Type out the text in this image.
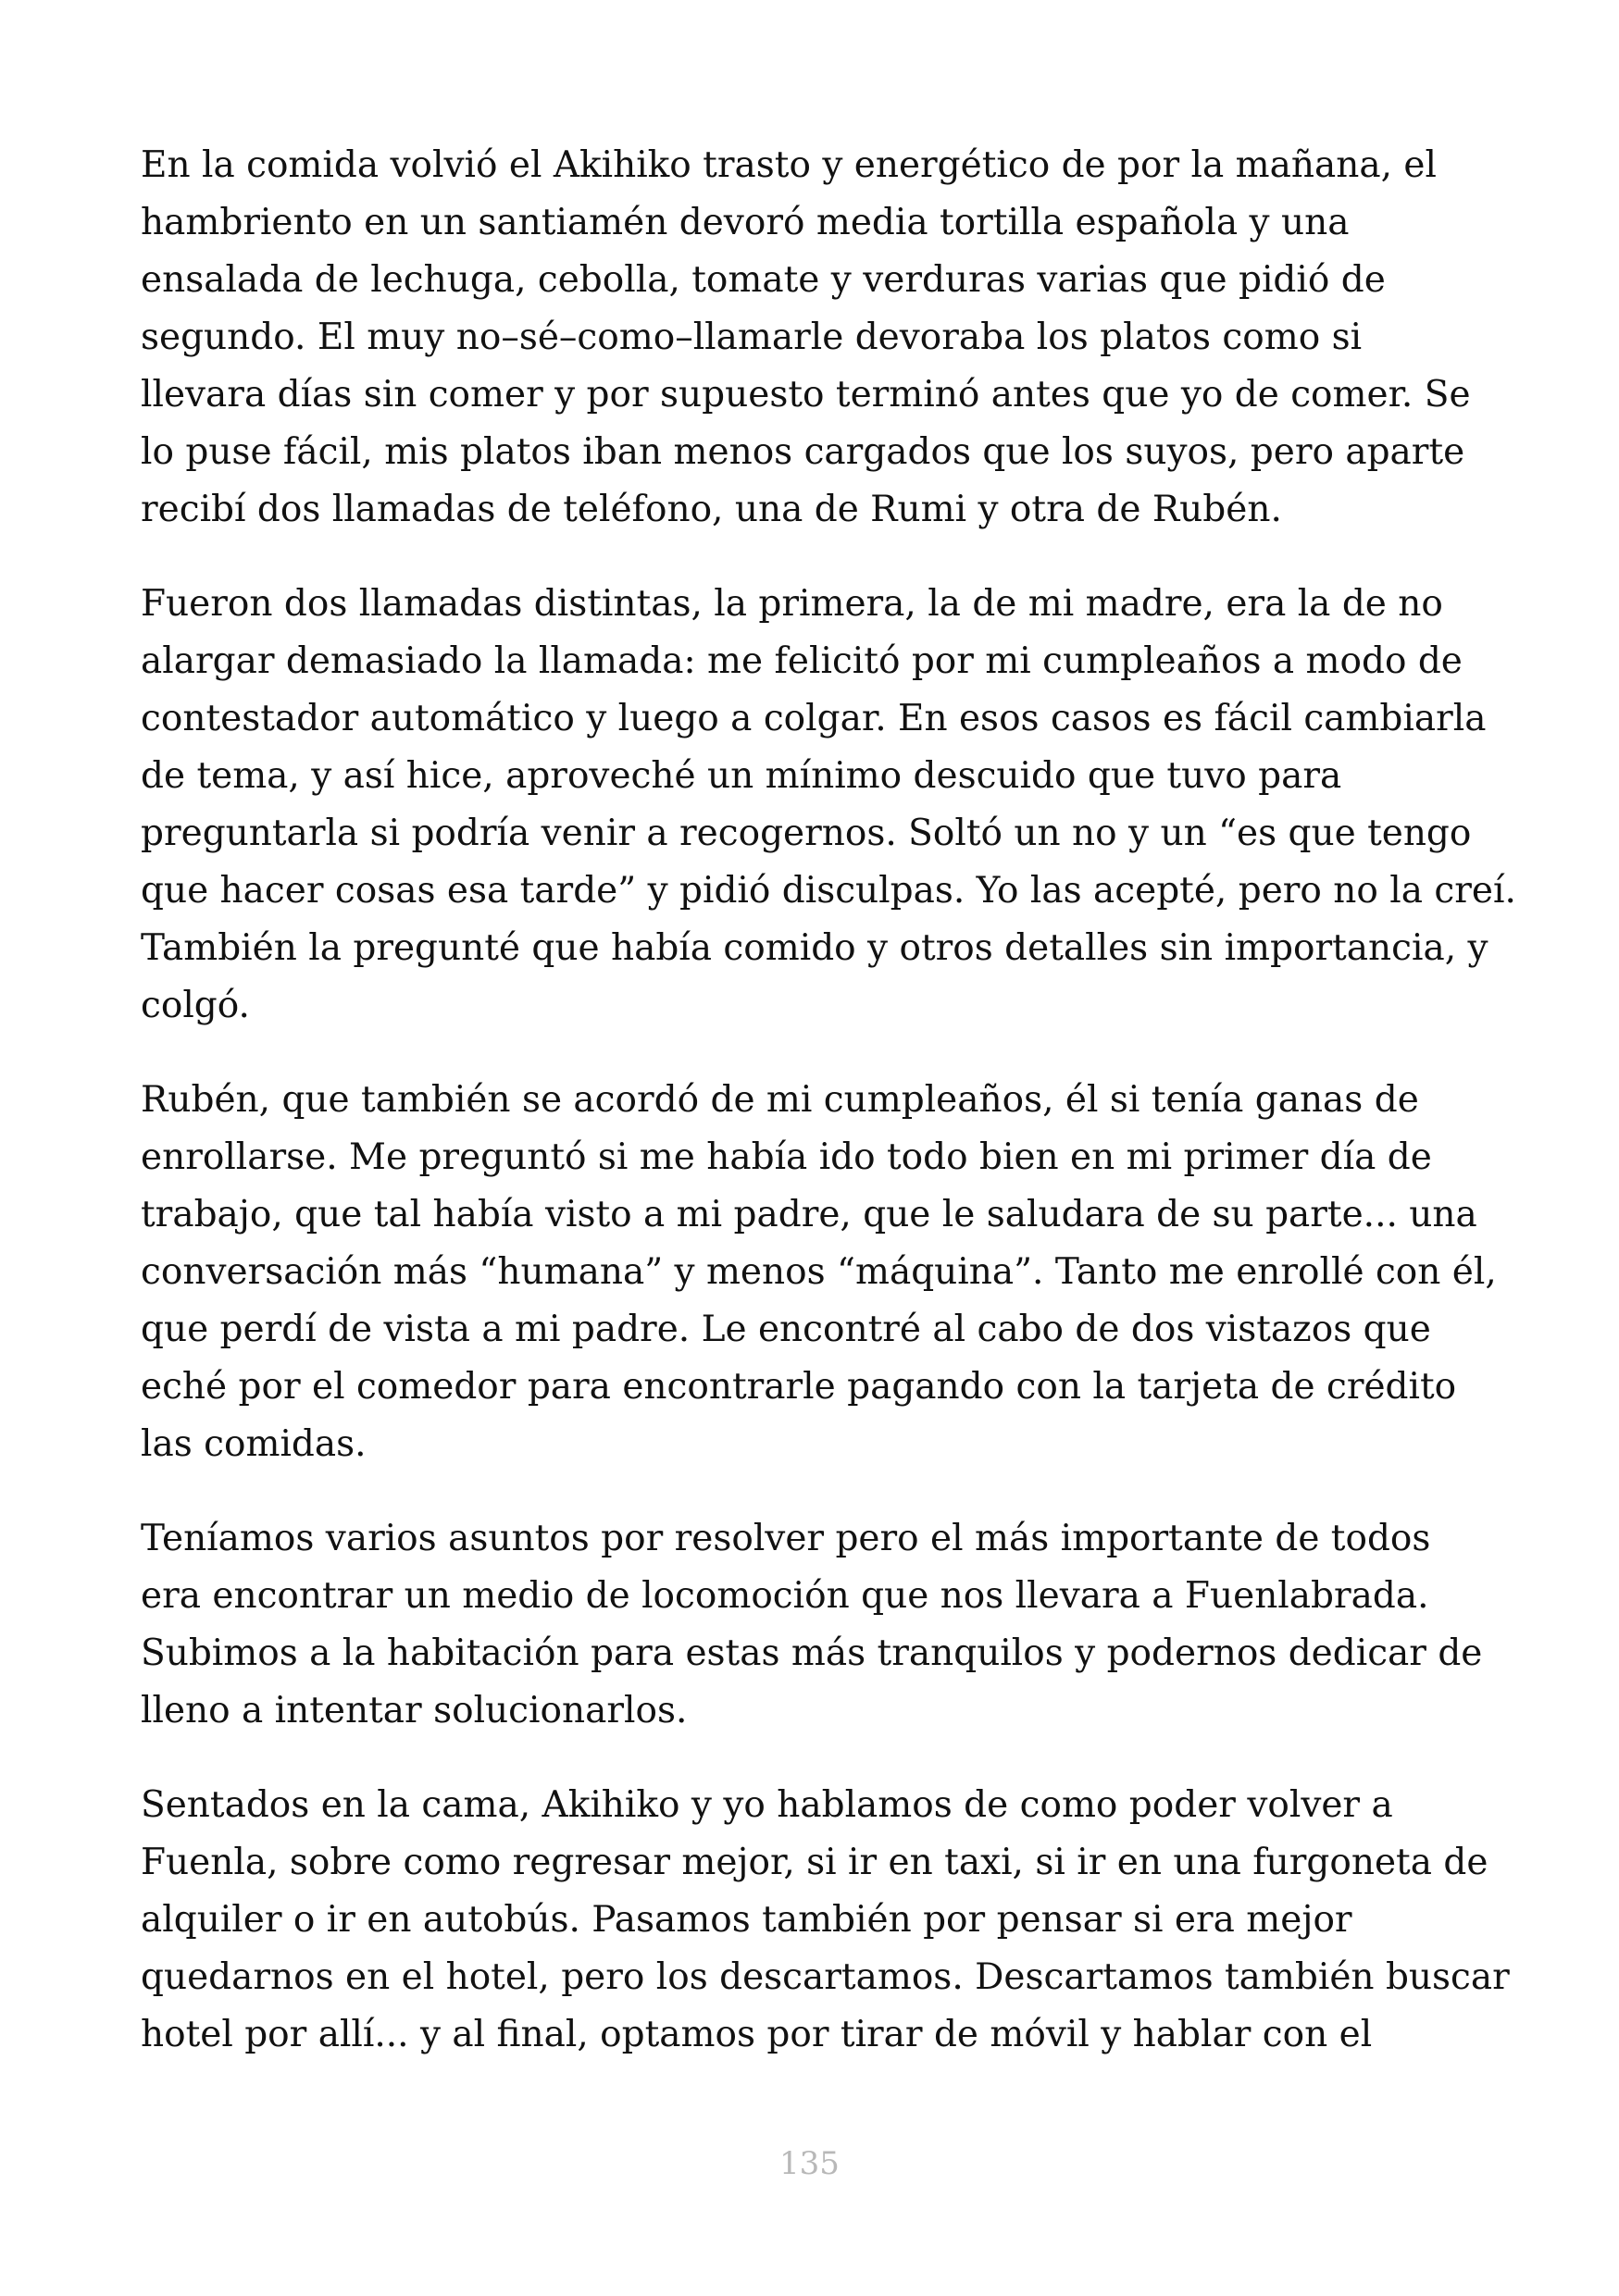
En la comida volvió el Akihiko trasto y energético de por la mañana, el
hambriento en un santiamén devoró media tortilla española y una
ensalada de lechuga, cebolla, tomate y verduras varias que pidió de
segundo. El muy no–sé–como–llamarle devoraba los platos como si
llevara días sin comer y por supuesto terminó antes que yo de comer. Se
lo puse fácil, mis platos iban menos cargados que los suyos, pero aparte
recibí dos llamadas de teléfono, una de Rumi y otra de Rubén.

Fueron dos llamadas distintas, la primera, la de mi madre, era la de no
alargar demasiado la llamada: me felicitó por mi cumpleaños a modo de
contestador automático y luego a colgar. En esos casos es fácil cambiarla
de tema, y así hice, aproveché un mínimo descuido que tuvo para
preguntarla si podría venir a recogernos. Soltó un no y un “es que tengo
que hacer cosas esa tarde” y pidió disculpas. Yo las acepté, pero no la creí.
También la pregunté que había comido y otros detalles sin importancia, y
colgó.

Rubén, que también se acordó de mi cumpleaños, él si tenía ganas de
enrollarse. Me preguntó si me había ido todo bien en mi primer día de
trabajo, que tal había visto a mi padre, que le saludara de su parte... una
conversación más “humana” y menos “máquina”. Tanto me enrollé con él,
que perdí de vista a mi padre. Le encontré al cabo de dos vistazos que
eché por el comedor para encontrarle pagando con la tarjeta de crédito
las comidas.

Teníamos varios asuntos por resolver pero el más importante de todos
era encontrar un medio de locomoción que nos llevara a Fuenlabrada.
Subimos a la habitación para estas más tranquilos y podernos dedicar de
lleno a intentar solucionarlos.

Sentados en la cama, Akihiko y yo hablamos de como poder volver a
Fuenla, sobre como regresar mejor, si ir en taxi, si ir en una furgoneta de
alquiler o ir en autobús. Pasamos también por pensar si era mejor
quedarnos en el hotel, pero los descartamos. Descartamos también buscar
hotel por allí... y al final, optamos por tirar de móvil y hablar con el

135
